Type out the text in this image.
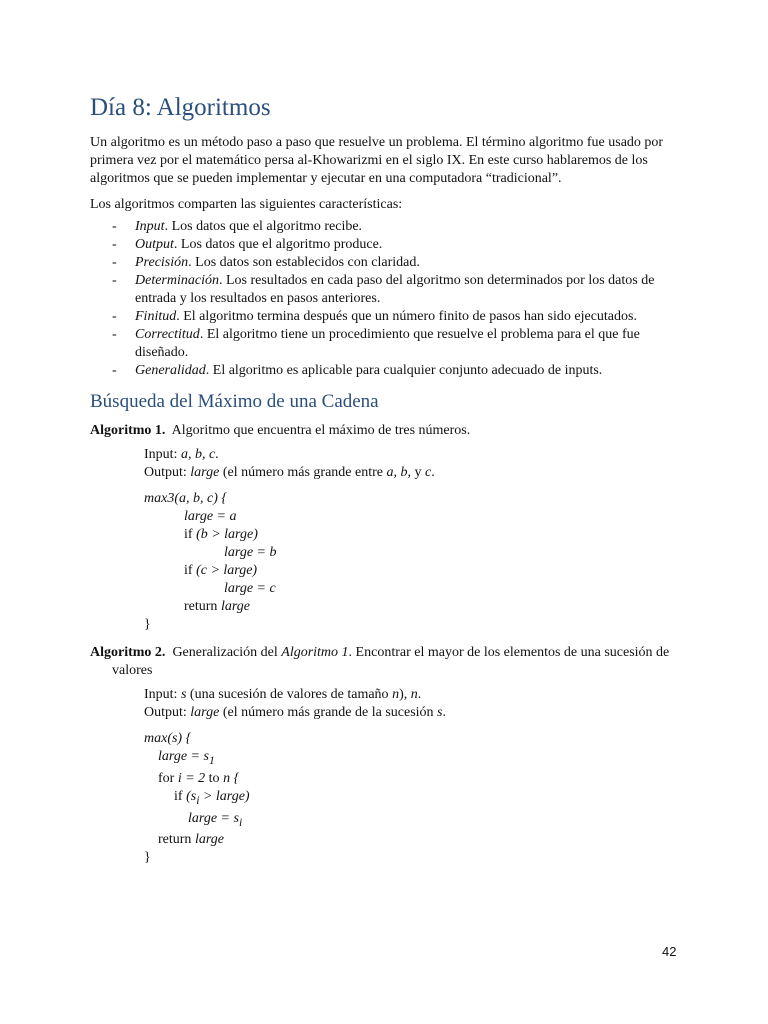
Día 8: Algoritmos

Un algoritmo es un método paso a paso que resuelve un problema. El término algoritmo fue usado por primera vez por el matemático persa al-Khowarizmi en el siglo IX. En este curso hablaremos de los algoritmos que se pueden implementar y ejecutar en una computadora “tradicional”.

Los algoritmos comparten las siguientes características:

- Input. Los datos que el algoritmo recibe.
- Output. Los datos que el algoritmo produce.
- Precisión. Los datos son establecidos con claridad.
- Determinación. Los resultados en cada paso del algoritmo son determinados por los datos de entrada y los resultados en pasos anteriores.
- Finitud. El algoritmo termina después que un número finito de pasos han sido ejecutados.
- Correctitud. El algoritmo tiene un procedimiento que resuelve el problema para el que fue diseñado.
- Generalidad. El algoritmo es aplicable para cualquier conjunto adecuado de inputs.
Búsqueda del Máximo de una Cadena

Algoritmo 1. Algoritmo que encuentra el máximo de tres números.

Input: a, b, c.
Output: large (el número más grande entre a, b, y c.
max3(a, b, c) {
large = a
if (b > large)
large = b
if (c > large)
large = c
return large
}

Algoritmo 2. Generalización del Algoritmo 1. Encontrar el mayor de los elementos de una sucesión de valores

Input: s (una sucesión de valores de tamaño n), n.
Output: large (el número más grande de la sucesión s.
max(s) {
large = $s_1$
for i = 2 to n {
if ($s_i$ > large)
large = $s_i$
return large
}
42
